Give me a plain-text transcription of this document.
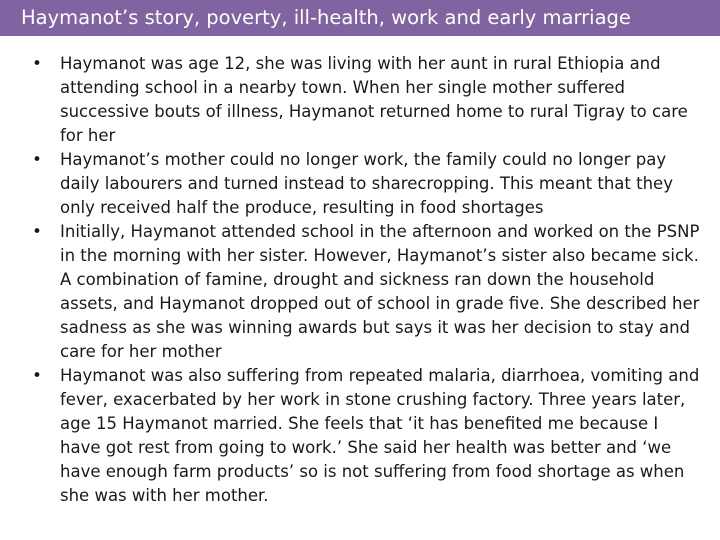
Haymanot’s story, poverty, ill-health, work and early marriage
• Haymanot was age 12, she was living with her aunt in rural Ethiopia and attending school in a nearby town. When her single mother suffered successive bouts of illness, Haymanot returned home to rural Tigray to care for her
• Haymanot’s mother could no longer work, the family could no longer pay daily labourers and turned instead to sharecropping. This meant that they only received half the produce, resulting in food shortages
• Initially, Haymanot attended school in the afternoon and worked on the PSNP in the morning with her sister. However, Haymanot’s sister also became sick. A combination of famine, drought and sickness ran down the household assets, and Haymanot dropped out of school in grade five. She described her sadness as she was winning awards but says it was her decision to stay and care for her mother
• Haymanot was also suffering from repeated malaria, diarrhoea, vomiting and fever, exacerbated by her work in stone crushing factory. Three years later, age 15 Haymanot married. She feels that ‘it has benefited me because I have got rest from going to work.’ She said her health was better and ‘we have enough farm products’ so is not suffering from food shortage as when she was with her mother.
